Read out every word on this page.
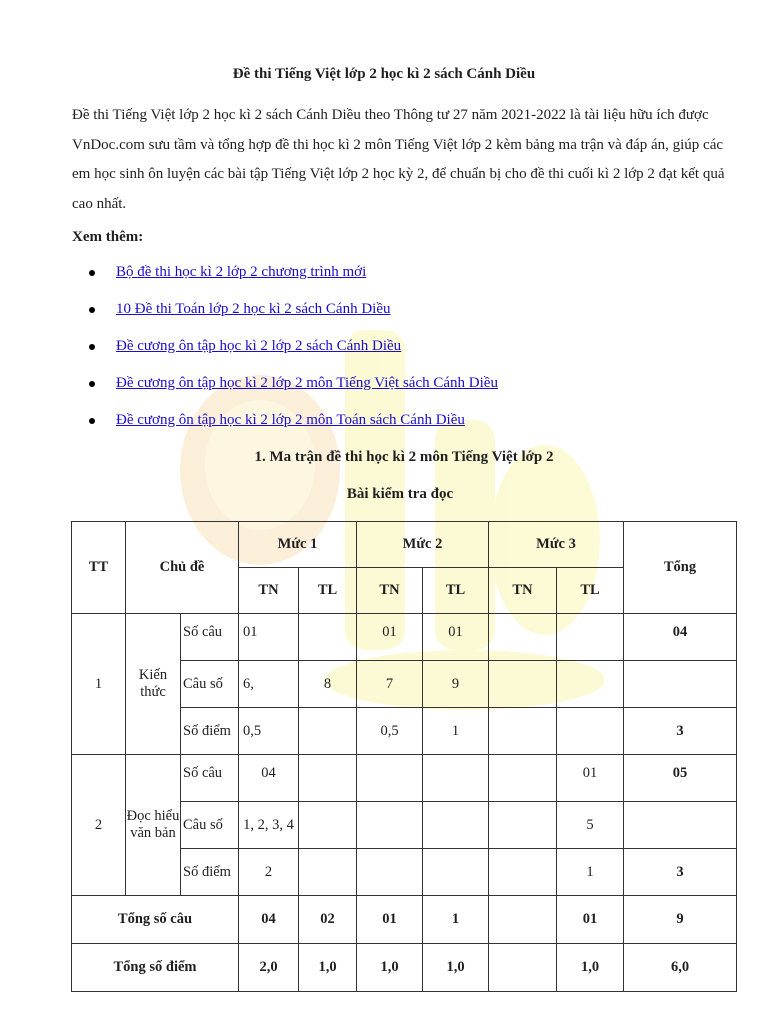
Đề thi Tiếng Việt lớp 2 học kì 2 sách Cánh Diều

Đề thi Tiếng Việt lớp 2 học kì 2 sách Cánh Diều theo Thông tư 27 năm 2021-2022 là tài liệu hữu ích được VnDoc.com sưu tầm và tổng hợp đề thi học kì 2 môn Tiếng Việt lớp 2 kèm bảng ma trận và đáp án, giúp các em học sinh ôn luyện các bài tập Tiếng Việt lớp 2 học kỳ 2, để chuẩn bị cho đề thi cuối kì 2 lớp 2 đạt kết quả cao nhất.

Xem thêm:
Bộ đề thi học kì 2 lớp 2 chương trình mới
10 Đề thi Toán lớp 2 học kì 2 sách Cánh Diều
Đề cương ôn tập học kì 2 lớp 2 sách Cánh Diều
Đề cương ôn tập học kì 2 lớp 2 môn Tiếng Việt sách Cánh Diều
Đề cương ôn tập học kì 2 lớp 2 môn Toán sách Cánh Diều
1. Ma trận đề thi học kì 2 môn Tiếng Việt lớp 2
Bài kiểm tra đọc
TT	Chủ đề		Mức 1		Mức 2		Mức 3		Tổng
			TN	TL	TN	TL	TN	TL	
1	Kiến thức	Số câu	01		01	01			04
		Câu số	6,	8	7	9			
		Số điểm	0,5		0,5	1			3
2	Đọc hiểu văn bản	Số câu	04					01	05
		Câu số	1, 2, 3, 4					5	
		Số điểm	2					1	3
Tổng số câu			04	02	01	1		01	9
Tổng số điểm			2,0	1,0	1,0	1,0		1,0	6,0
